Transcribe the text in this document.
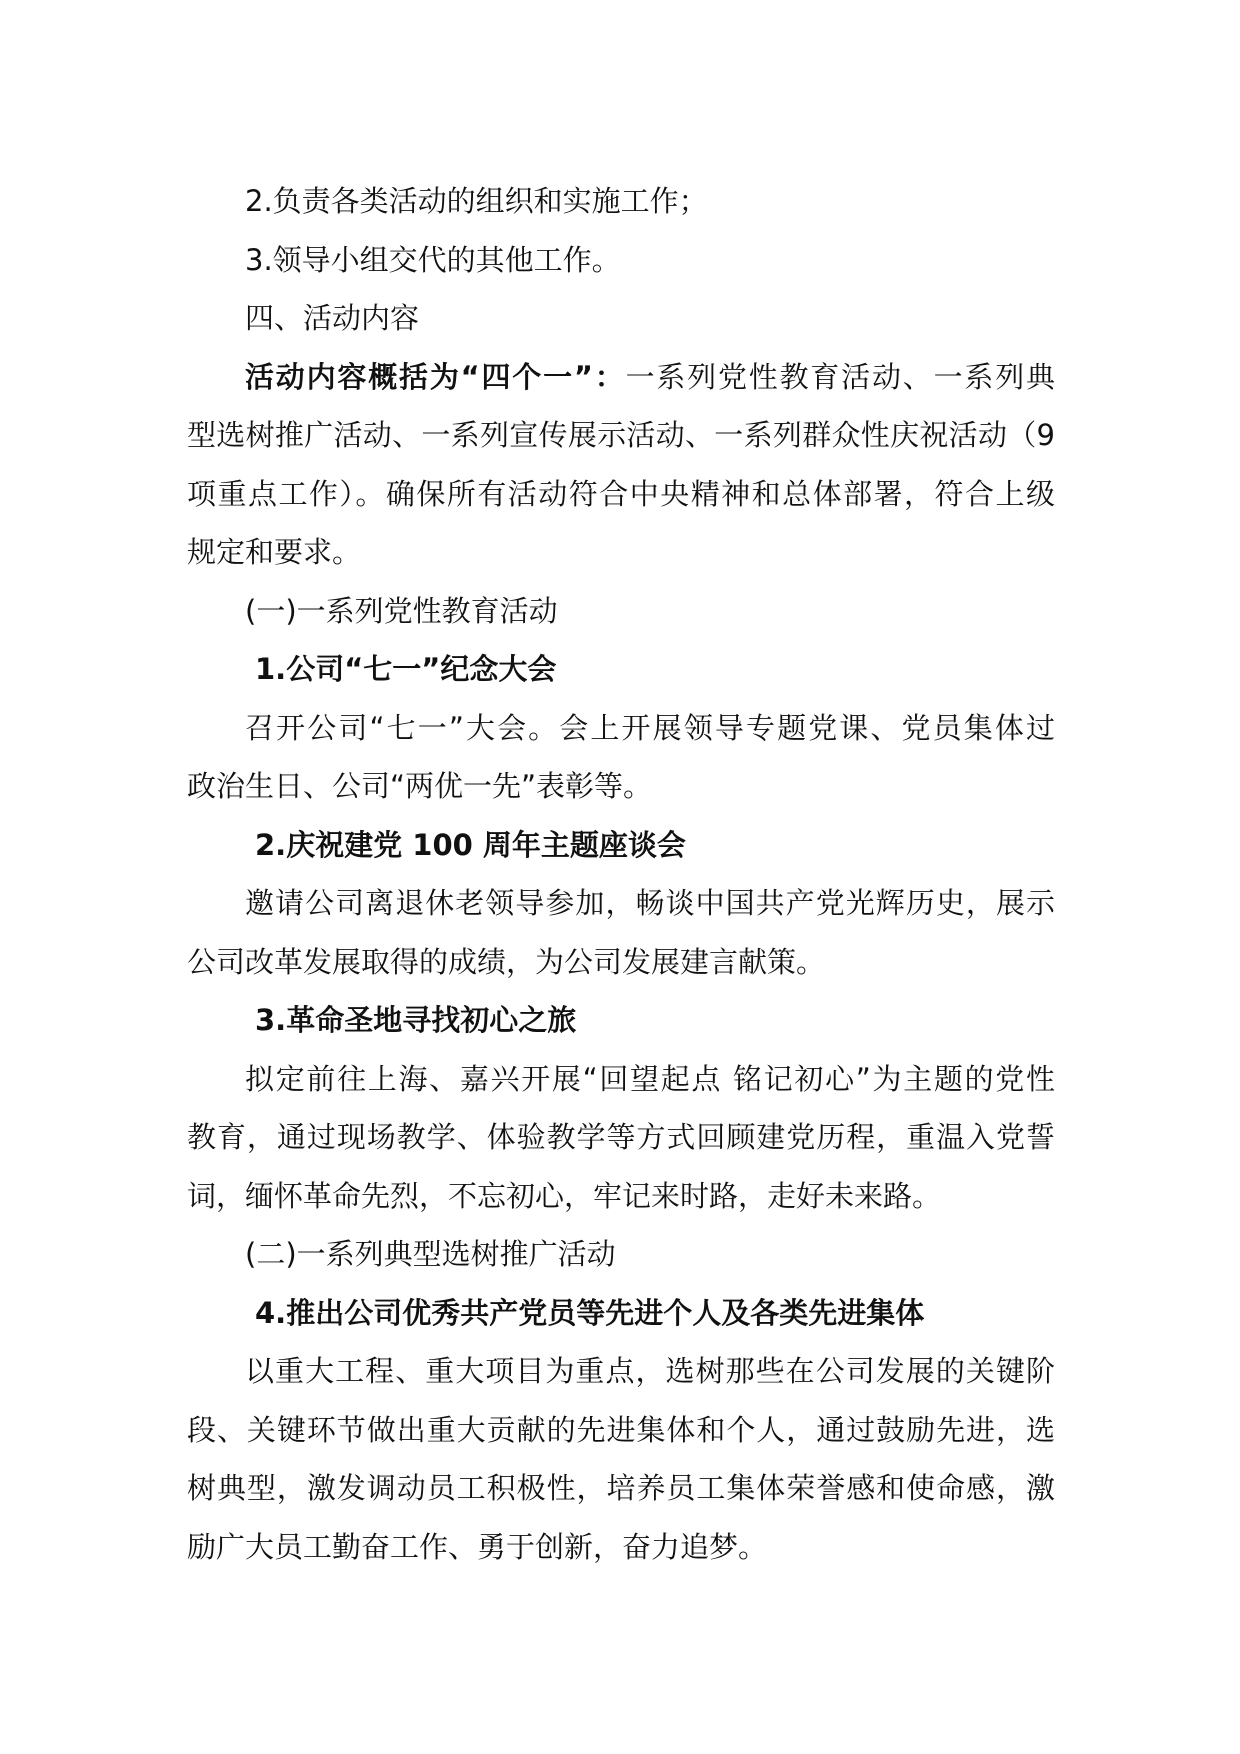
2.负责各类活动的组织和实施工作；
3.领导小组交代的其他工作。
四、活动内容
活动内容概括为“四个一”：一系列党性教育活动、一系列典
型选树推广活动、一系列宣传展示活动、一系列群众性庆祝活动（9
项重点工作）。确保所有活动符合中央精神和总体部署，符合上级
规定和要求。
(一)一系列党性教育活动
1.公司“七一”纪念大会
召开公司“七一”大会。会上开展领导专题党课、党员集体过
政治生日、公司“两优一先”表彰等。
2.庆祝建党 100 周年主题座谈会
邀请公司离退休老领导参加，畅谈中国共产党光辉历史，展示
公司改革发展取得的成绩，为公司发展建言献策。
3.革命圣地寻找初心之旅
拟定前往上海、嘉兴开展“回望起点 铭记初心”为主题的党性
教育，通过现场教学、体验教学等方式回顾建党历程，重温入党誓
词，缅怀革命先烈，不忘初心，牢记来时路，走好未来路。
(二)一系列典型选树推广活动
4.推出公司优秀共产党员等先进个人及各类先进集体
以重大工程、重大项目为重点，选树那些在公司发展的关键阶
段、关键环节做出重大贡献的先进集体和个人，通过鼓励先进，选
树典型，激发调动员工积极性，培养员工集体荣誉感和使命感，激
励广大员工勤奋工作、勇于创新，奋力追梦。
